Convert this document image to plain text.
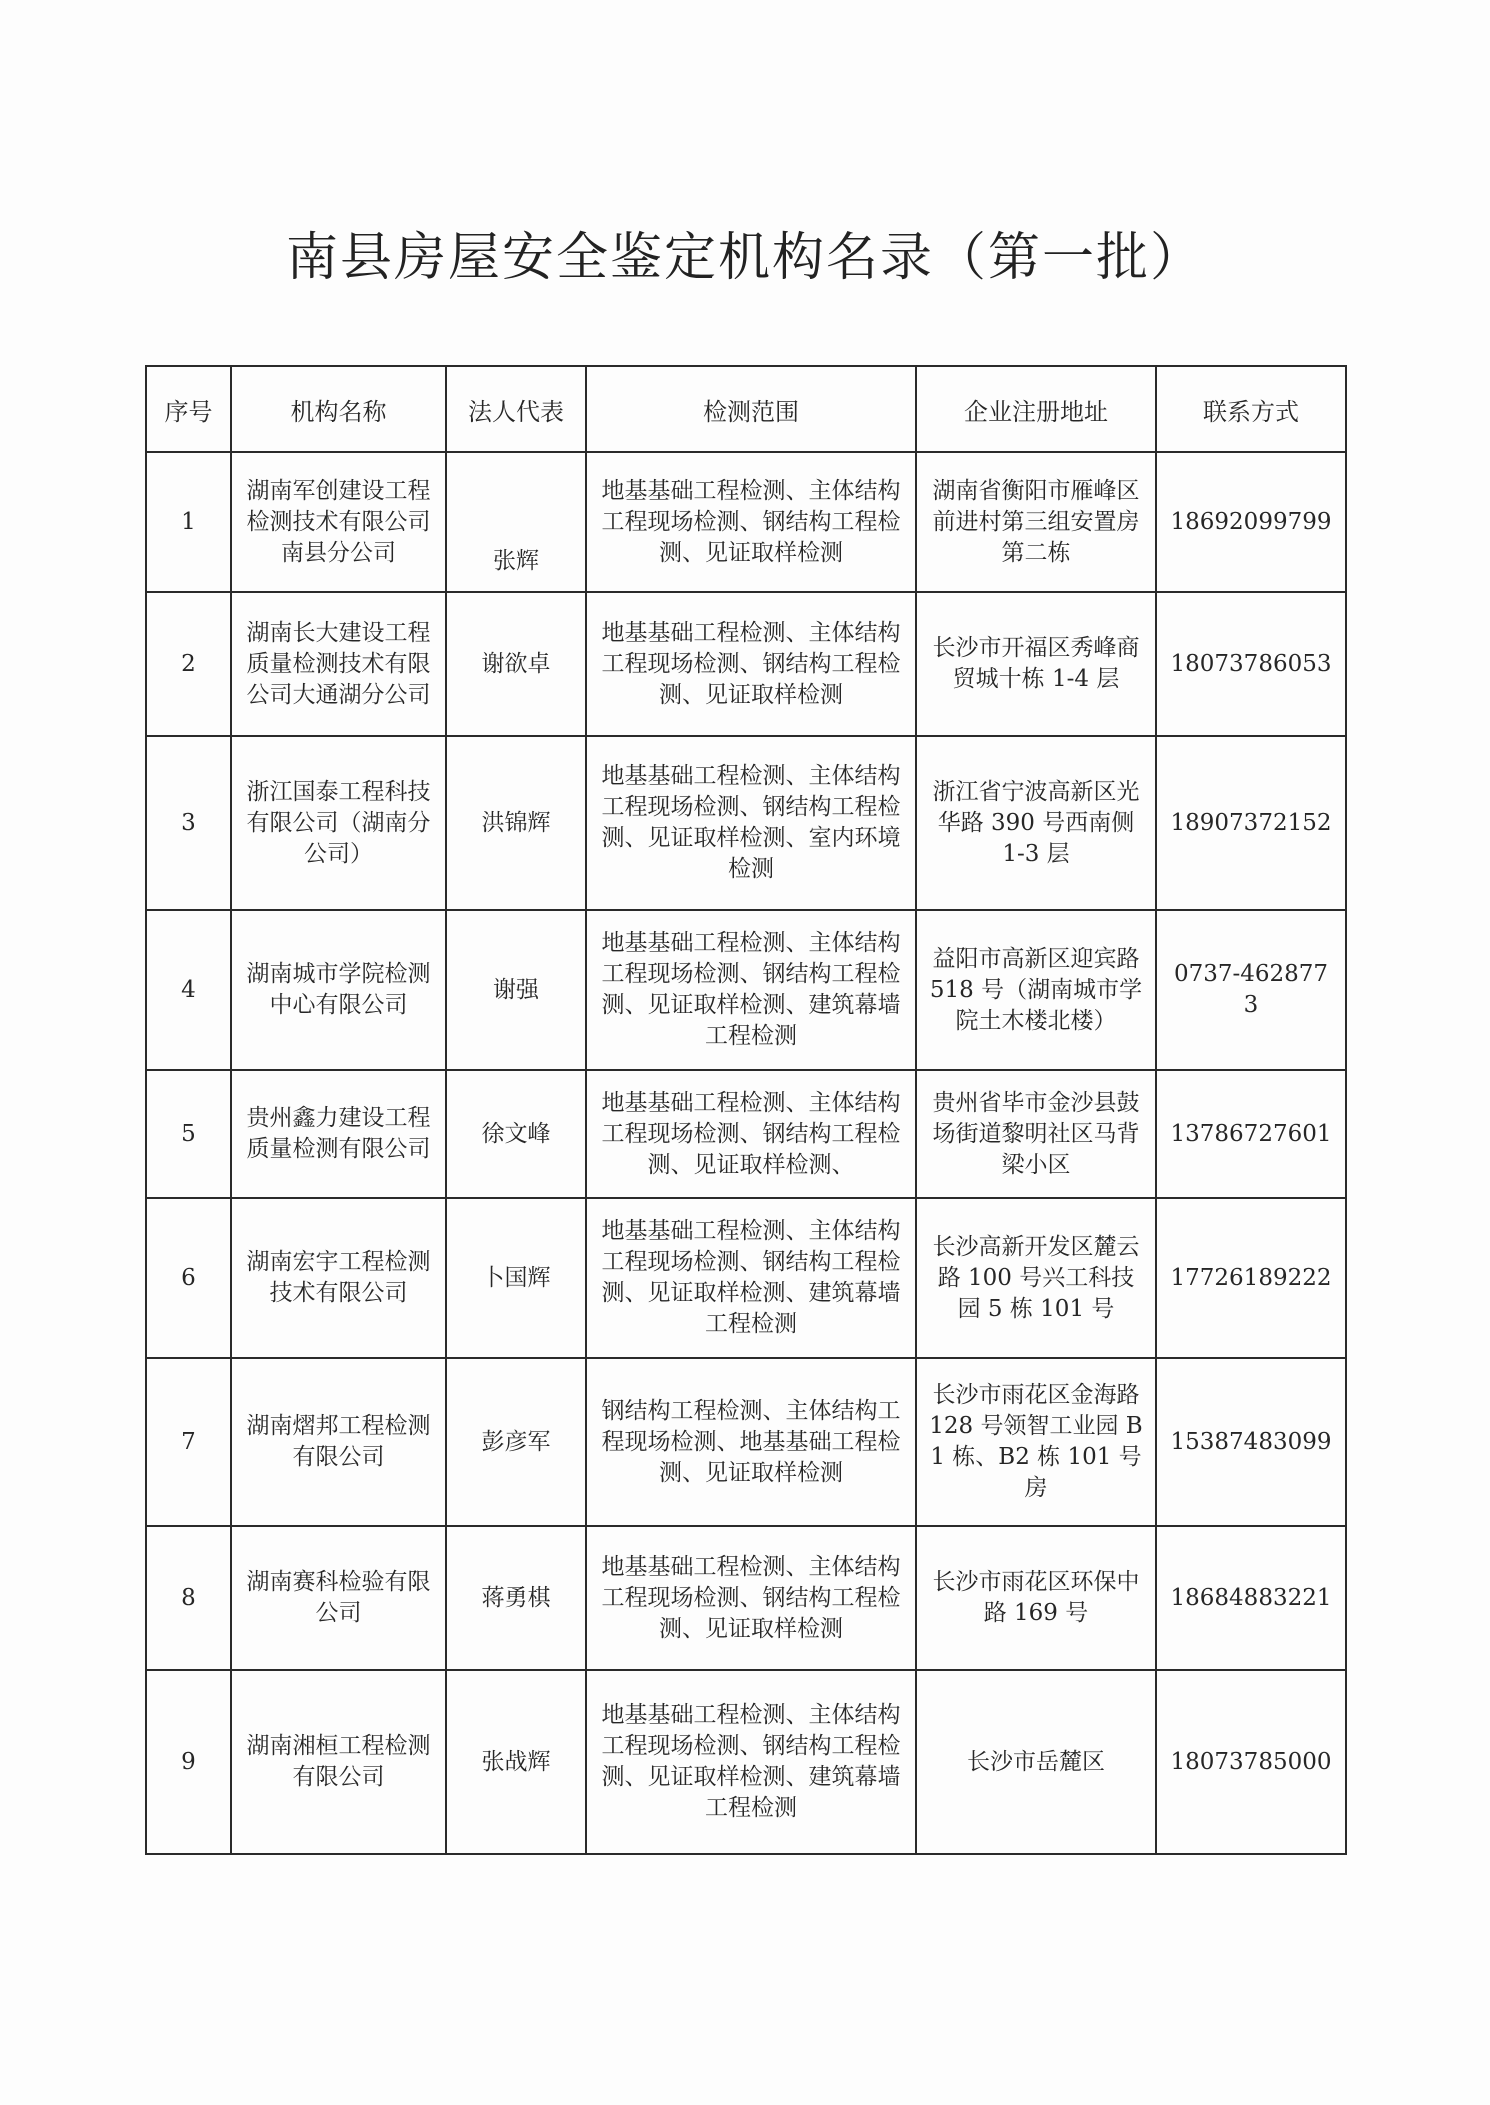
南县房屋安全鉴定机构名录（第一批）
序号	机构名称	法人代表	检测范围	企业注册地址	联系方式
1	湖南军创建设工程检测技术有限公司南县分公司	张辉	地基基础工程检测、主体结构工程现场检测、钢结构工程检测、见证取样检测	湖南省衡阳市雁峰区前进村第三组安置房第二栋	18692099799
2	湖南长大建设工程质量检测技术有限公司大通湖分公司	谢欲卓	地基基础工程检测、主体结构工程现场检测、钢结构工程检测、见证取样检测	长沙市开福区秀峰商贸城十栋 1-4 层	18073786053
3	浙江国泰工程科技有限公司（湖南分公司）	洪锦辉	地基基础工程检测、主体结构工程现场检测、钢结构工程检测、见证取样检测、室内环境检测	浙江省宁波高新区光华路 390 号西南侧 1-3 层	18907372152
4	湖南城市学院检测中心有限公司	谢强	地基基础工程检测、主体结构工程现场检测、钢结构工程检测、见证取样检测、建筑幕墙工程检测	益阳市高新区迎宾路 518 号（湖南城市学院土木楼北楼）	0737-4628773
5	贵州鑫力建设工程质量检测有限公司	徐文峰	地基基础工程检测、主体结构工程现场检测、钢结构工程检测、见证取样检测、	贵州省毕市金沙县鼓场街道黎明社区马背梁小区	13786727601
6	湖南宏宇工程检测技术有限公司	卜国辉	地基基础工程检测、主体结构工程现场检测、钢结构工程检测、见证取样检测、建筑幕墙工程检测	长沙高新开发区麓云路 100 号兴工科技园 5 栋 101 号	17726189222
7	湖南熠邦工程检测有限公司	彭彦军	钢结构工程检测、主体结构工程现场检测、地基基础工程检测、见证取样检测	长沙市雨花区金海路 128 号领智工业园 B1 栋、B2 栋 101 号房	15387483099
8	湖南赛科检验有限公司	蒋勇棋	地基基础工程检测、主体结构工程现场检测、钢结构工程检测、见证取样检测	长沙市雨花区环保中路 169 号	18684883221
9	湖南湘桓工程检测有限公司	张战辉	地基基础工程检测、主体结构工程现场检测、钢结构工程检测、见证取样检测、建筑幕墙工程检测	长沙市岳麓区	18073785000
